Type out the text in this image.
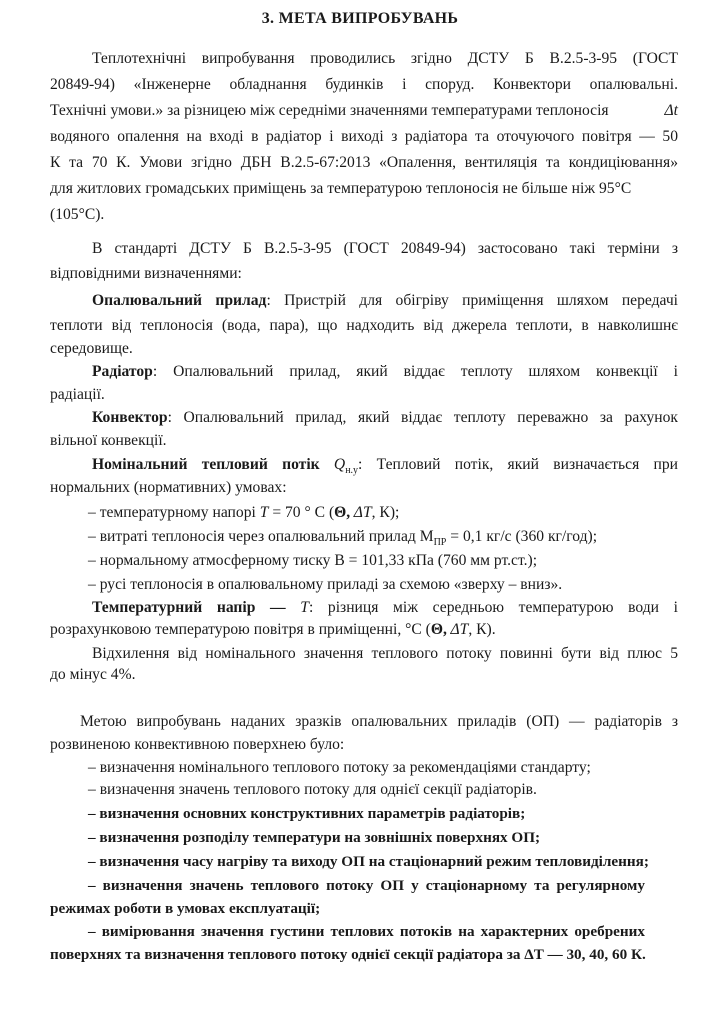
3. МЕТА ВИПРОБУВАНЬ
Теплотехнічні випробування проводились згідно ДСТУ Б В.2.5-3-95 (ГОСТ
20849-94) «Інженерне обладнання будинків і споруд. Конвектори опалювальні.
Технічні умови.» за різницею між середніми значеннями температурами теплоносія	Δt
водяного опалення на вході в радіатор і виході з радіатора та оточуючого повітря — 50
К та 70 К. Умови згідно ДБН В.2.5-67:2013 «Опалення, вентиляція та кондиціювання»
для житлових громадських приміщень за температурою теплоносія не більше ніж 95°C
(105°C).
В стандарті ДСТУ Б В.2.5-3-95 (ГОСТ 20849-94) застосовано такі терміни з
відповідними визначеннями:
Опалювальний прилад: Пристрій для обігріву приміщення шляхом передачі
теплоти від теплоносія (вода, пара), що надходить від джерела теплоти, в навколишнє
середовище.
Радіатор: Опалювальний прилад, який віддає теплоту шляхом конвекції і
радіації.
Конвектор: Опалювальний прилад, який віддає теплоту переважно за рахунок
вільної конвекції.
Номінальний тепловий потік $Q_{н.у}$: Тепловий потік, який визначається при
нормальних (нормативних) умовах:
– температурному напорі T = 70 ° С (Θ, ΔT, К);
– витраті теплоносія через опалювальний прилад $М_{ПР} = 0,1$ кг/с (360 кг/год);
– нормальному атмосферному тиску В = 101,33 кПа (760 мм рт.ст.);
– русі теплоносія в опалювальному приладі за схемою «зверху – вниз».
Температурний напір — T: різниця між середньою температурою води і
розрахунковою температурою повітря в приміщенні, °С (Θ, ΔT, К).
Відхилення від номінального значення теплового потоку повинні бути від плюс 5
до мінус 4%.
Метою випробувань наданих зразків опалювальних приладів (ОП) — радіаторів з
розвиненою конвективною поверхнею було:
– визначення номінального теплового потоку за рекомендаціями стандарту;
– визначення значень теплового потоку для однієї секції радіаторів.
– визначення основних конструктивних параметрів радіаторів;
– визначення розподілу температури на зовнішніх поверхнях ОП;
– визначення часу нагріву та виходу ОП на стаціонарний режим тепловиділення;
– визначення значень теплового потоку ОП у стаціонарному та регулярному
режимах роботи в умовах експлуатації;
– вимірювання значення густини теплових потоків на характерних оребрених
поверхнях та визначення теплового потоку однієї секції радіатора за ΔT — 30, 40, 60 К.
